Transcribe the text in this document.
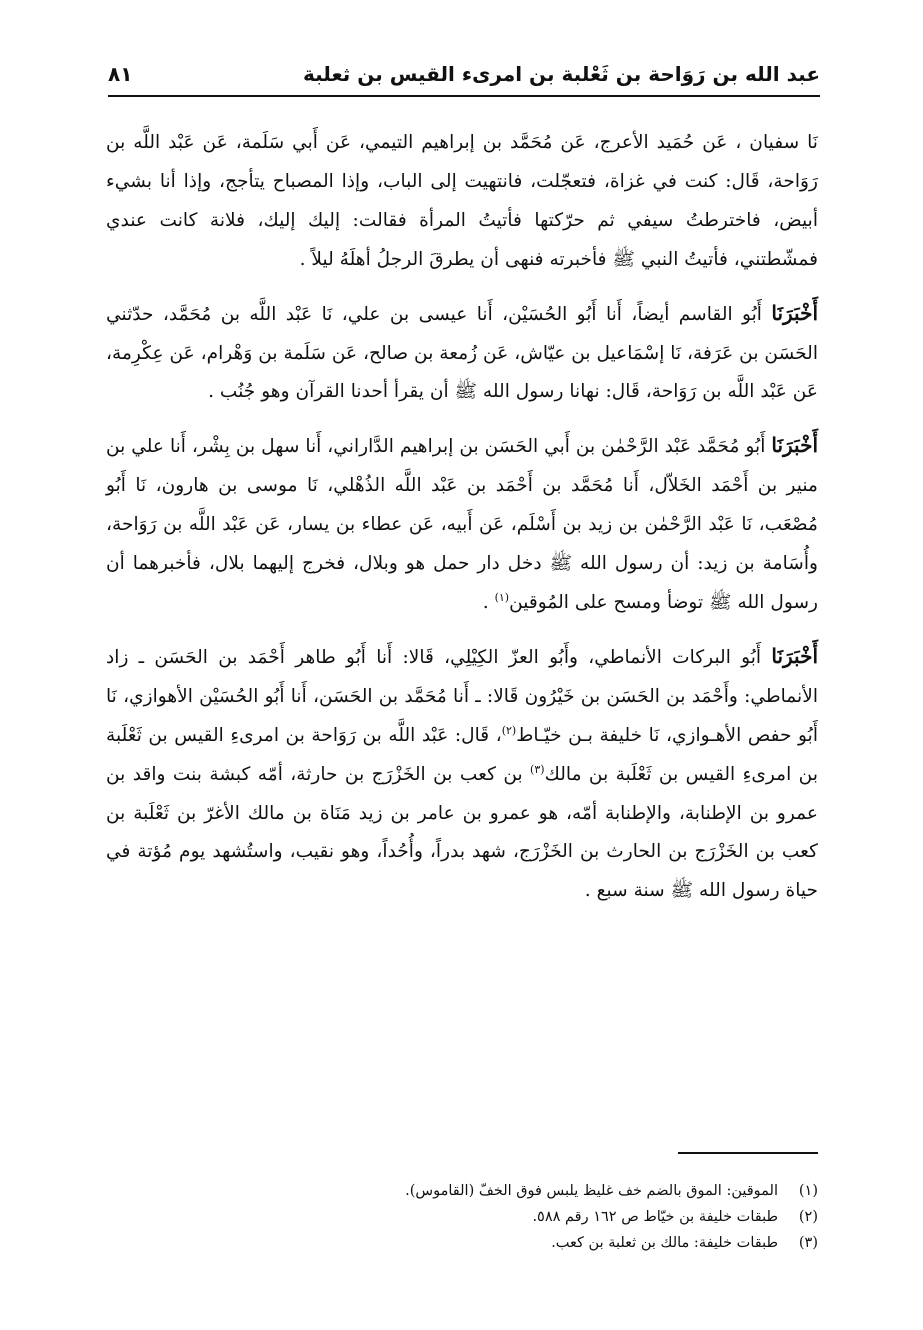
عبد الله بن رَوَاحة بن ثَعْلبة بن امرىء القيس بن ثعلبة
٨١

نَا سفيان ، عَن حُمَيد الأعرج، عَن مُحَمَّد بن إبراهيم التيمي، عَن أَبي سَلَمة، عَن عَبْد اللَّه بن رَوَاحة، قَال: كنت في غزاة، فتعجّلت، فانتهيت إلى الباب، وإذا المصباح يتأجج، وإذا أنا بشيء أبيض، فاخترطتُ سيفي ثم حرّكتها فأتيتُ المرأة فقالت: إليك إليك، فلانة كانت عندي فمشّطتني، فأتيتُ النبي ﷺ فأخبرته فنهى أن يطرقَ الرجلُ أهلَهُ ليلاً .

أَخْبَرَنَا أَبُو القاسم أيضاً، أَنا أَبُو الحُسَيْن، أَنا عيسى بن علي، نَا عَبْد اللَّه بن مُحَمَّد، حدّثني الحَسَن بن عَرَفة، نَا إسْمَاعيل بن عيّاش، عَن زُمعة بن صالح، عَن سَلَمة بن وَهْرام، عَن عِكْرِمة، عَن عَبْد اللَّه بن رَوَاحة، قَال: نهانا رسول الله ﷺ أن يقرأ أحدنا القرآن وهو جُنُب .

أَخْبَرَنَا أَبُو مُحَمَّد عَبْد الرَّحْمٰن بن أَبي الحَسَن بن إبراهيم الدَّاراني، أَنا سهل بن بِشْر، أَنا علي بن منير بن أَحْمَد الخَلاّل، أَنا مُحَمَّد بن أَحْمَد بن عَبْد اللَّه الذُهْلي، نَا موسى بن هارون، نَا أَبُو مُصْعَب، نَا عَبْد الرَّحْمٰن بن زيد بن أَسْلَم، عَن أَبيه، عَن عطاء بن يسار، عَن عَبْد اللَّه بن رَوَاحة، وأُسَامة بن زيد: أن رسول الله ﷺ دخل دار حمل هو وبلال، فخرج إليهما بلال، فأخبرهما أن رسول الله ﷺ توضأ ومسح على المُوقين$^{(١)}$ .

أَخْبَرَنَا أَبُو البركات الأنماطي، وأَبُو العزّ الكِيْلِي، قَالا: أَنا أَبُو طاهر أَحْمَد بن الحَسَن ـ زاد الأنماطي: وأَحْمَد بن الحَسَن بن خَيْرُون قَالا: ـ أَنا مُحَمَّد بن الحَسَن، أَنا أَبُو الحُسَيْن الأهوازي، نَا أَبُو حفص الأهـوازي، نَا خليفة بـن خيّـاط$^{(٢)}$، قَال: عَبْد اللَّه بن رَوَاحة بن امرىءِ القيس بن ثَعْلَبة بن امرىءِ القيس بن ثَعْلَبة بن مالك$^{(٣)}$ بن كعب بن الخَزْرَج بن حارثة، أمّه كبشة بنت واقد بن عمرو بن الإطنابة، والإطنابة أمّه، هو عمرو بن عامر بن زيد مَنَاة بن مالك الأغرّ بن ثَعْلَبة بن كعب بن الخَزْرَج بن الحارث بن الخَزْرَج، شهد بدراً، وأُحُداً، وهو نقيب، واستُشهد يوم مُؤتة في حياة رسول الله ﷺ سنة سبع .

(١)الموقين: الموق بالضم خف غليظ يلبس فوق الخفّ (القاموس).

(٢)طبقات خليفة بن خيّاط ص ١٦٢ رقم ٥٨٨.

(٣)طبقات خليفة: مالك بن ثعلبة بن كعب.
